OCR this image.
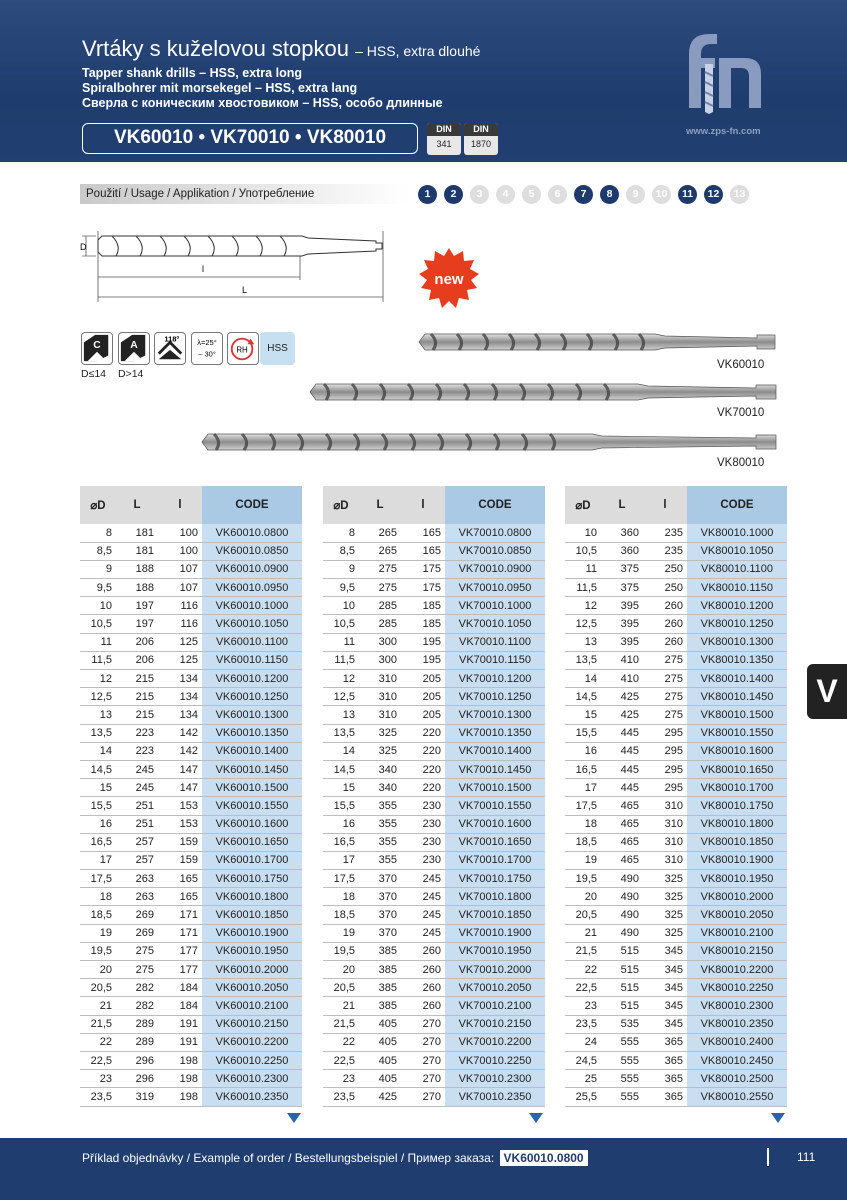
Vrtáky s kuželovou stopkou – HSS, extra dlouhé
Tapper shank drills – HSS, extra long
Spiralbohrer mit morsekegel – HSS, extra lang
Сверла с коническим хвостовиком – HSS, особо длинные
VK60010 • VK70010 • VK80010	DIN
341
DIN
1870
www.zps-fn.com
Použití / Usage / Applikation / Употребление	1	2	3	4	5	6	7	8	9	10	11	12	13
D
l
L
new
C	A
118° λ=25°
– 30° RH	HSS
D≤14 D>14
VK60010
VK70010
VK80010
⌀D	L	l	CODE
8	181	100	VK60010.0800
8,5	181	100	VK60010.0850
9	188	107	VK60010.0900
9,5	188	107	VK60010.0950
10	197	116	VK60010.1000
10,5	197	116	VK60010.1050
11	206	125	VK60010.1100
11,5	206	125	VK60010.1150
12	215	134	VK60010.1200
12,5	215	134	VK60010.1250
13	215	134	VK60010.1300
13,5	223	142	VK60010.1350
14	223	142	VK60010.1400
14,5	245	147	VK60010.1450
15	245	147	VK60010.1500
15,5	251	153	VK60010.1550
16	251	153	VK60010.1600
16,5	257	159	VK60010.1650
17	257	159	VK60010.1700
17,5	263	165	VK60010.1750
18	263	165	VK60010.1800
18,5	269	171	VK60010.1850
19	269	171	VK60010.1900
19,5	275	177	VK60010.1950
20	275	177	VK60010.2000
20,5	282	184	VK60010.2050
21	282	184	VK60010.2100
21,5	289	191	VK60010.2150
22	289	191	VK60010.2200
22,5	296	198	VK60010.2250
23	296	198	VK60010.2300
23,5	319	198	VK60010.2350
⌀D	L	l	CODE
8	265	165	VK70010.0800
8,5	265	165	VK70010.0850
9	275	175	VK70010.0900
9,5	275	175	VK70010.0950
10	285	185	VK70010.1000
10,5	285	185	VK70010.1050
11	300	195	VK70010.1100
11,5	300	195	VK70010.1150
12	310	205	VK70010.1200
12,5	310	205	VK70010.1250
13	310	205	VK70010.1300
13,5	325	220	VK70010.1350
14	325	220	VK70010.1400
14,5	340	220	VK70010.1450
15	340	220	VK70010.1500
15,5	355	230	VK70010.1550
16	355	230	VK70010.1600
16,5	355	230	VK70010.1650
17	355	230	VK70010.1700
17,5	370	245	VK70010.1750
18	370	245	VK70010.1800
18,5	370	245	VK70010.1850
19	370	245	VK70010.1900
19,5	385	260	VK70010.1950
20	385	260	VK70010.2000
20,5	385	260	VK70010.2050
21	385	260	VK70010.2100
21,5	405	270	VK70010.2150
22	405	270	VK70010.2200
22,5	405	270	VK70010.2250
23	405	270	VK70010.2300
23,5	425	270	VK70010.2350
⌀D	L	l	CODE
10	360	235	VK80010.1000
10,5	360	235	VK80010.1050
11	375	250	VK80010.1100
11,5	375	250	VK80010.1150
12	395	260	VK80010.1200
12,5	395	260	VK80010.1250
13	395	260	VK80010.1300
13,5	410	275	VK80010.1350
14	410	275	VK80010.1400
14,5	425	275	VK80010.1450
15	425	275	VK80010.1500
15,5	445	295	VK80010.1550
16	445	295	VK80010.1600
16,5	445	295	VK80010.1650
17	445	295	VK80010.1700
17,5	465	310	VK80010.1750
18	465	310	VK80010.1800
18,5	465	310	VK80010.1850
19	465	310	VK80010.1900
19,5	490	325	VK80010.1950
20	490	325	VK80010.2000
20,5	490	325	VK80010.2050
21	490	325	VK80010.2100
21,5	515	345	VK80010.2150
22	515	345	VK80010.2200
22,5	515	345	VK80010.2250
23	515	345	VK80010.2300
23,5	535	345	VK80010.2350
24	555	365	VK80010.2400
24,5	555	365	VK80010.2450
25	555	365	VK80010.2500
25,5	555	365	VK80010.2550
V
Příklad objednávky / Example of order / Bestellungsbeispiel / Пример заказа: VK60010.0800	111
